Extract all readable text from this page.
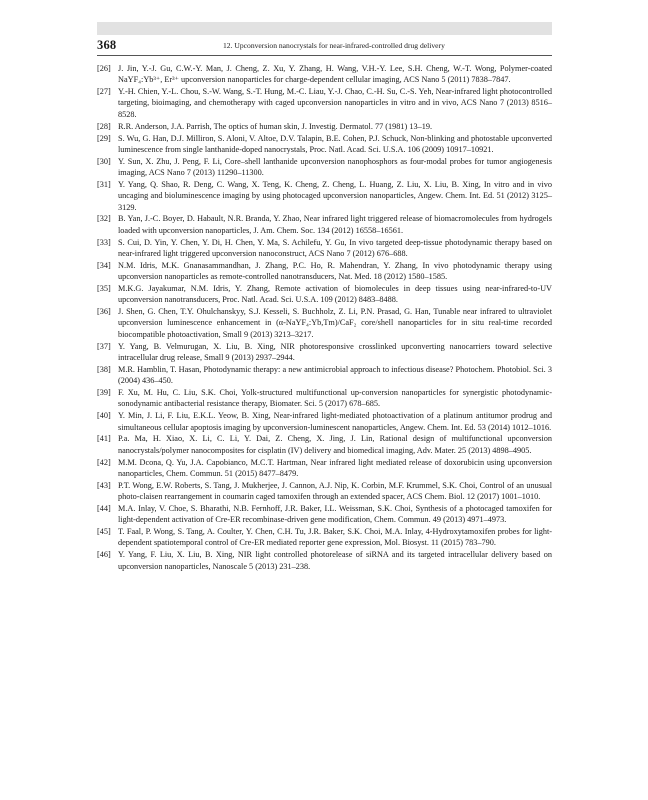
368	12. Upconversion nanocrystals for near-infrared-controlled drug delivery
[26] J. Jin, Y.-J. Gu, C.W.-Y. Man, J. Cheng, Z. Xu, Y. Zhang, H. Wang, V.H.-Y. Lee, S.H. Cheng, W.-T. Wong, Polymer-coated NaYF₄:Yb³⁺, Er³⁺ upconversion nanoparticles for charge-dependent cellular imaging, ACS Nano 5 (2011) 7838–7847.
[27] Y.-H. Chien, Y.-L. Chou, S.-W. Wang, S.-T. Hung, M.-C. Liau, Y.-J. Chao, C.-H. Su, C.-S. Yeh, Near-infrared light photocontrolled targeting, bioimaging, and chemotherapy with caged upconversion nanoparticles in vitro and in vivo, ACS Nano 7 (2013) 8516–8528.
[28] R.R. Anderson, J.A. Parrish, The optics of human skin, J. Investig. Dermatol. 77 (1981) 13–19.
[29] S. Wu, G. Han, D.J. Milliron, S. Aloni, V. Altoe, D.V. Talapin, B.E. Cohen, P.J. Schuck, Non-blinking and photostable upconverted luminescence from single lanthanide-doped nanocrystals, Proc. Natl. Acad. Sci. U.S.A. 106 (2009) 10917–10921.
[30] Y. Sun, X. Zhu, J. Peng, F. Li, Core–shell lanthanide upconversion nanophosphors as four-modal probes for tumor angiogenesis imaging, ACS Nano 7 (2013) 11290–11300.
[31] Y. Yang, Q. Shao, R. Deng, C. Wang, X. Teng, K. Cheng, Z. Cheng, L. Huang, Z. Liu, X. Liu, B. Xing, In vitro and in vivo uncaging and bioluminescence imaging by using photocaged upconversion nanoparticles, Angew. Chem. Int. Ed. 51 (2012) 3125–3129.
[32] B. Yan, J.-C. Boyer, D. Habault, N.R. Branda, Y. Zhao, Near infrared light triggered release of biomacromolecules from hydrogels loaded with upconversion nanoparticles, J. Am. Chem. Soc. 134 (2012) 16558–16561.
[33] S. Cui, D. Yin, Y. Chen, Y. Di, H. Chen, Y. Ma, S. Achilefu, Y. Gu, In vivo targeted deep-tissue photodynamic therapy based on near-infrared light triggered upconversion nanoconstruct, ACS Nano 7 (2012) 676–688.
[34] N.M. Idris, M.K. Gnanasammandhan, J. Zhang, P.C. Ho, R. Mahendran, Y. Zhang, In vivo photodynamic therapy using upconversion nanoparticles as remote-controlled nanotransducers, Nat. Med. 18 (2012) 1580–1585.
[35] M.K.G. Jayakumar, N.M. Idris, Y. Zhang, Remote activation of biomolecules in deep tissues using near-infrared-to-UV upconversion nanotransducers, Proc. Natl. Acad. Sci. U.S.A. 109 (2012) 8483–8488.
[36] J. Shen, G. Chen, T.Y. Ohulchanskyy, S.J. Kesseli, S. Buchholz, Z. Li, P.N. Prasad, G. Han, Tunable near infrared to ultraviolet upconversion luminescence enhancement in (α-NaYF₄:Yb,Tm)/CaF₂ core/shell nanoparticles for in situ real-time recorded biocompatible photoactivation, Small 9 (2013) 3213–3217.
[37] Y. Yang, B. Velmurugan, X. Liu, B. Xing, NIR photoresponsive crosslinked upconverting nanocarriers toward selective intracellular drug release, Small 9 (2013) 2937–2944.
[38] M.R. Hamblin, T. Hasan, Photodynamic therapy: a new antimicrobial approach to infectious disease? Photochem. Photobiol. Sci. 3 (2004) 436–450.
[39] F. Xu, M. Hu, C. Liu, S.K. Choi, Yolk-structured multifunctional up-conversion nanoparticles for synergistic photodynamic-sonodynamic antibacterial resistance therapy, Biomater. Sci. 5 (2017) 678–685.
[40] Y. Min, J. Li, F. Liu, E.K.L. Yeow, B. Xing, Near-infrared light-mediated photoactivation of a platinum antitumor prodrug and simultaneous cellular apoptosis imaging by upconversion-luminescent nanoparticles, Angew. Chem. Int. Ed. 53 (2014) 1012–1016.
[41] P.a. Ma, H. Xiao, X. Li, C. Li, Y. Dai, Z. Cheng, X. Jing, J. Lin, Rational design of multifunctional upconversion nanocrystals/polymer nanocomposites for cisplatin (IV) delivery and biomedical imaging, Adv. Mater. 25 (2013) 4898–4905.
[42] M.M. Dcona, Q. Yu, J.A. Capobianco, M.C.T. Hartman, Near infrared light mediated release of doxorubicin using upconversion nanoparticles, Chem. Commun. 51 (2015) 8477–8479.
[43] P.T. Wong, E.W. Roberts, S. Tang, J. Mukherjee, J. Cannon, A.J. Nip, K. Corbin, M.F. Krummel, S.K. Choi, Control of an unusual photo-claisen rearrangement in coumarin caged tamoxifen through an extended spacer, ACS Chem. Biol. 12 (2017) 1001–1010.
[44] M.A. Inlay, V. Choe, S. Bharathi, N.B. Fernhoff, J.R. Baker, I.L. Weissman, S.K. Choi, Synthesis of a photocaged tamoxifen for light-dependent activation of Cre-ER recombinase-driven gene modification, Chem. Commun. 49 (2013) 4971–4973.
[45] T. Faal, P. Wong, S. Tang, A. Coulter, Y. Chen, C.H. Tu, J.R. Baker, S.K. Choi, M.A. Inlay, 4-Hydroxytamoxifen probes for light-dependent spatiotemporal control of Cre-ER mediated reporter gene expression, Mol. Biosyst. 11 (2015) 783–790.
[46] Y. Yang, F. Liu, X. Liu, B. Xing, NIR light controlled photorelease of siRNA and its targeted intracellular delivery based on upconversion nanoparticles, Nanoscale 5 (2013) 231–238.
